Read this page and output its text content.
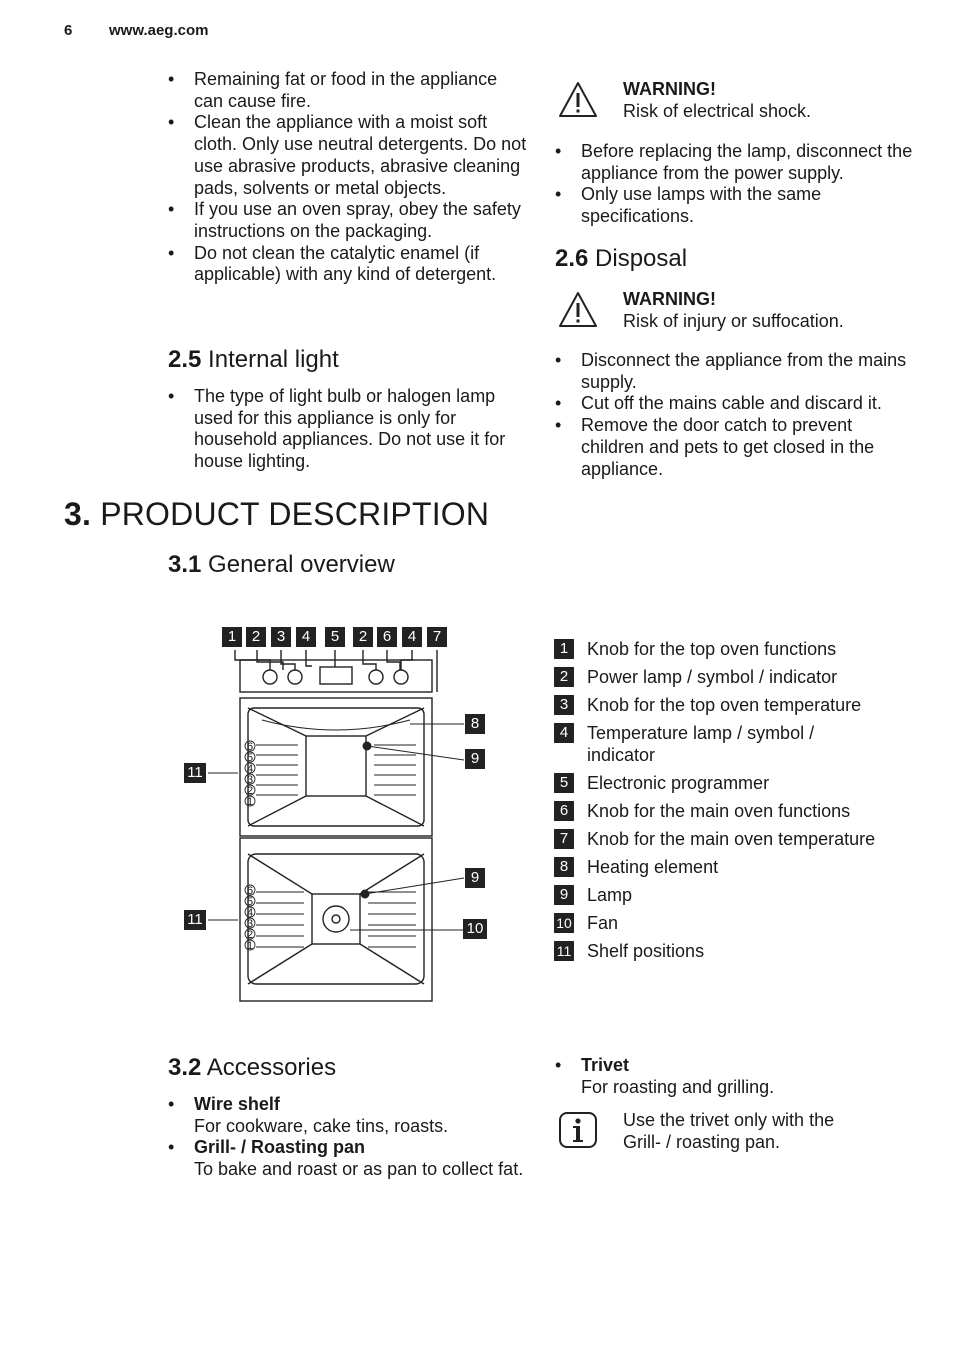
6 www.aeg.com
• Remaining fat or food in the appliance can cause fire.
• Clean the appliance with a moist soft cloth. Only use neutral detergents. Do not use abrasive products, abrasive cleaning pads, solvents or metal objects.
• If you use an oven spray, obey the safety instructions on the packaging.
• Do not clean the catalytic enamel (if applicable) with any kind of detergent.
2.5 Internal light
• The type of light bulb or halogen lamp used for this appliance is only for household appliances. Do not use it for house lighting.
WARNING!
Risk of electrical shock.
• Before replacing the lamp, disconnect the appliance from the power supply.
• Only use lamps with the same specifications.
2.6 Disposal
WARNING!
Risk of injury or suffocation.
• Disconnect the appliance from the mains supply.
• Cut off the mains cable and discard it.
• Remove the door catch to prevent children and pets to get closed in the appliance.
3. PRODUCT DESCRIPTION
3.1 General overview
6
5
4
3
2
1
6
5
4
3
2
1
1	2	3	4	5	2	6	4	7
11
11
8
9
9
10
1	Knob for the top oven functions
2	Power lamp / symbol / indicator
3	Knob for the top oven temperature
4	Temperature lamp / symbol / indicator
5	Electronic programmer
6	Knob for the main oven functions
7	Knob for the main oven temperature
8	Heating element
9	Lamp
10 Fan
11 Shelf positions
3.2 Accessories
• Wire shelf
For cookware, cake tins, roasts.
• Grill- / Roasting pan
To bake and roast or as pan to collect fat.
• Trivet
For roasting and grilling.
Use the trivet only with the Grill- / roasting pan.
